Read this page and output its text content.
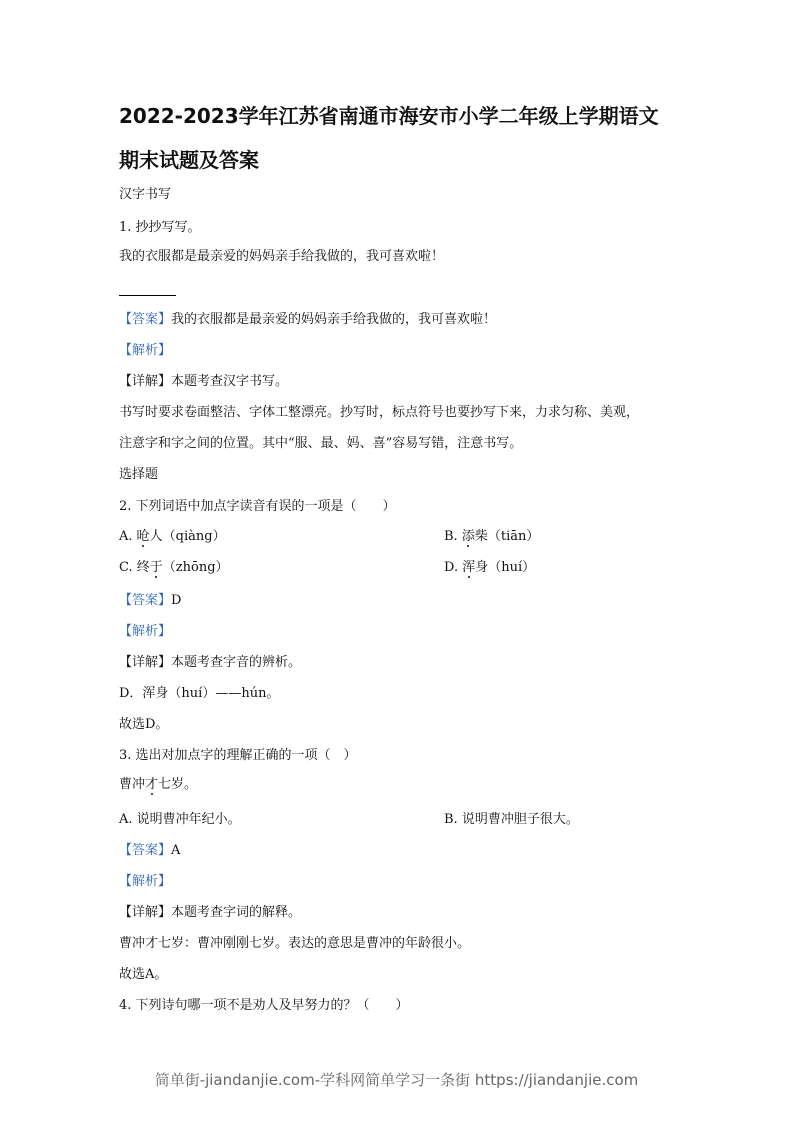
2022-2023学年江苏省南通市海安市小学二年级上学期语文
期末试题及答案
汉字书写
1. 抄抄写写。
我的衣服都是最亲爱的妈妈亲手给我做的，我可喜欢啦！
【答案】我的衣服都是最亲爱的妈妈亲手给我做的，我可喜欢啦！
【解析】
【详解】本题考查汉字书写。
书写时要求卷面整洁、字体工整漂亮。抄写时，标点符号也要抄写下来，力求匀称、美观，
注意字和字之间的位置。其中“服、最、妈、喜”容易写错，注意书写。
选择题
2. 下列词语中加点字读音有误的一项是（　　）
A. 呛人（qiàng）	B. 添柴（tiān）
C. 终于（zhōng）	D. 浑身（huí）
【答案】D
【解析】
【详解】本题考查字音的辨析。
D．浑身（huí）——hún。
故选D。
3. 选出对加点字的理解正确的一项（　）
曹冲才七岁。
A. 说明曹冲年纪小。	B. 说明曹冲胆子很大。
【答案】A
【解析】
【详解】本题考查字词的解释。
曹冲才七岁：曹冲刚刚七岁。表达的意思是曹冲的年龄很小。
故选A。
4. 下列诗句哪一项不是劝人及早努力的？（　　）
简单街-jiandanjie.com-学科网简单学习一条街 https://jiandanjie.com
